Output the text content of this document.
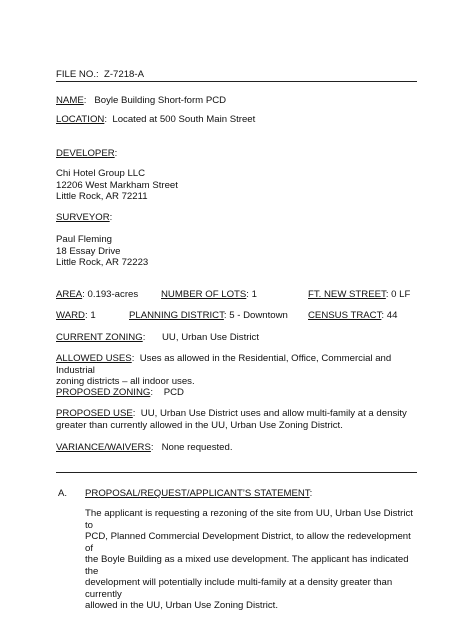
FILE NO.: Z-7218-A
NAME: Boyle Building Short-form PCD
LOCATION: Located at 500 South Main Street
DEVELOPER:
Chi Hotel Group LLC
12206 West Markham Street
Little Rock, AR 72211
SURVEYOR:
Paul Fleming
18 Essay Drive
Little Rock, AR 72223
AREA: 0.193-acres NUMBER OF LOTS: 1	FT. NEW STREET: 0 LF
WARD: 1	PLANNING DISTRICT: 5 - Downtown CENSUS TRACT: 44
CURRENT ZONING: UU, Urban Use District
ALLOWED USES:  Uses as allowed in the Residential, Office, Commercial and Industrial
zoning districts – all indoor uses.
PROPOSED ZONING:    PCD
PROPOSED USE:  UU, Urban Use District uses and allow multi-family at a density
greater than currently allowed in the UU, Urban Use Zoning District.
VARIANCE/WAIVERS:   None requested.
A. PROPOSAL/REQUEST/APPLICANT’S STATEMENT:
The applicant is requesting a rezoning of the site from UU, Urban Use District to
PCD, Planned Commercial Development District, to allow the redevelopment of
the Boyle Building as a mixed use development. The applicant has indicated the
development will potentially include multi-family at a density greater than currently
allowed in the UU, Urban Use Zoning District.
